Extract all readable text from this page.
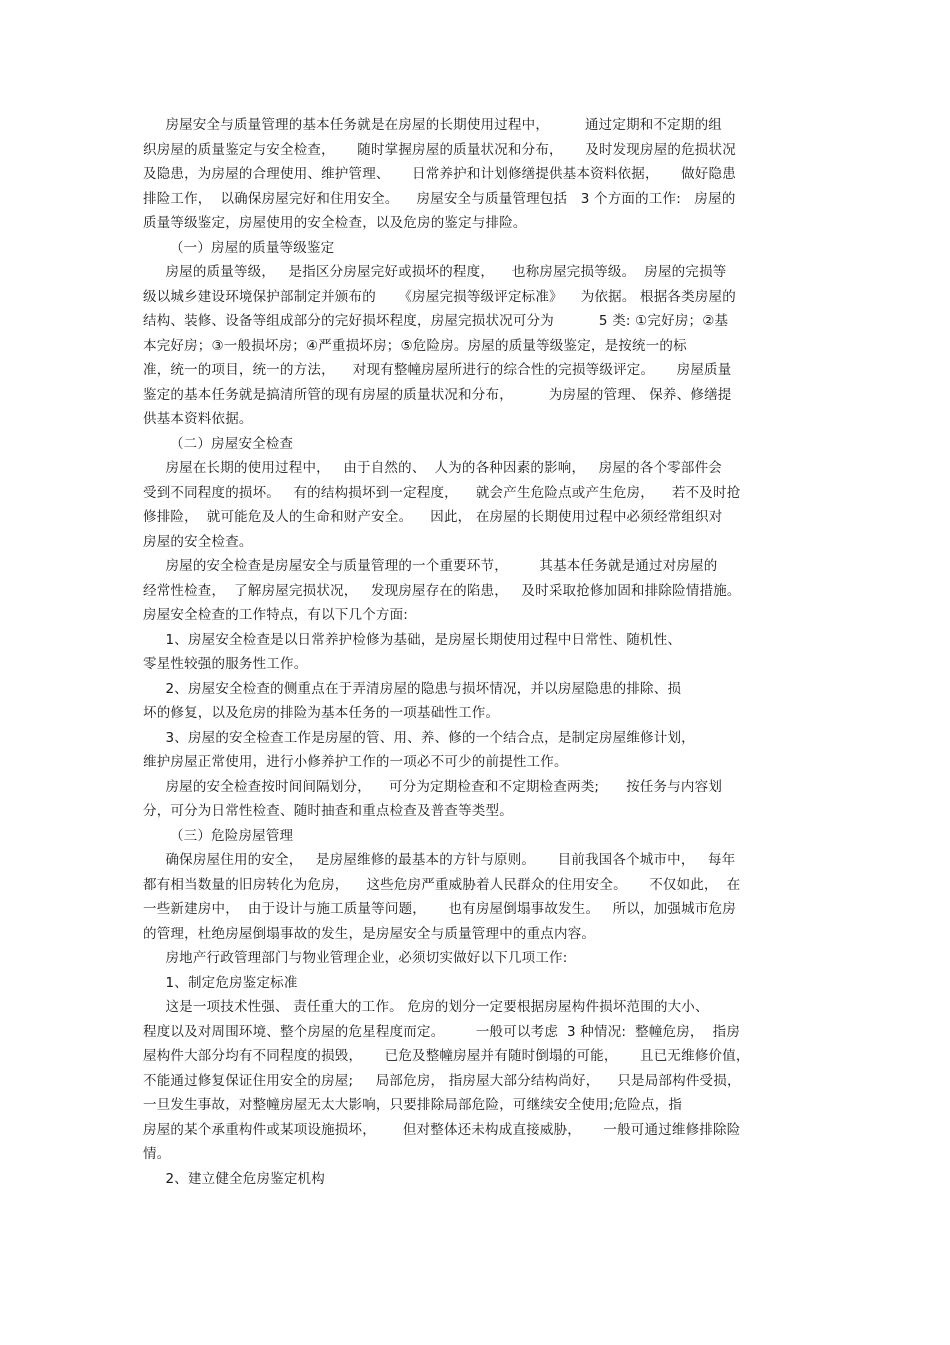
房屋安全与质量管理的基本任务就是在房屋的长期使用过程中，        通过定期和不定期的组
织房屋的质量鉴定与安全检查，     随时掌握房屋的质量状况和分布，     及时发现房屋的危损状况
及隐患，为房屋的合理使用、维护管理、     日常养护和计划修缮提供基本资料依据，     做好隐患
排险工作，  以确保房屋完好和住用安全。    房屋安全与质量管理包括   3 个方面的工作:   房屋的
质量等级鉴定，房屋使用的安全检查，以及危房的鉴定与排险。
（一）房屋的质量等级鉴定
房屋的质量等级，   是指区分房屋完好或损坏的程度，    也称房屋完损等级。  房屋的完损等
级以城乡建设环境保护部制定并颁布的     《房屋完损等级评定标准》    为依据。 根据各类房屋的
结构、装修、设备等组成部分的完好损坏程度，房屋完损状况可分为          5 类: ①完好房；②基
本完好房；③一般损坏房；④严重损坏房；⑤危险房。房屋的质量等级鉴定，是按统一的标
准，统一的项目，统一的方法，    对现有整幢房屋所进行的综合性的完损等级评定。     房屋质量
鉴定的基本任务就是搞清所管的现有房屋的质量状况和分布，        为房屋的管理、 保养、修缮提
供基本资料依据。
（二）房屋安全检查
房屋在长期的使用过程中，   由于自然的、  人为的各种因素的影响，   房屋的各个零部件会
受到不同程度的损坏。   有的结构损坏到一定程度，    就会产生危险点或产生危房，    若不及时抢
修排险，  就可能危及人的生命和财产安全。    因此， 在房屋的长期使用过程中必须经常组织对
房屋的安全检查。
房屋的安全检查是房屋安全与质量管理的一个重要环节，       其基本任务就是通过对房屋的
经常性检查，  了解房屋完损状况，   发现房屋存在的陷患，   及时采取抢修加固和排除险情措施。
房屋安全检查的工作特点，有以下几个方面:
1、房屋安全检查是以日常养护检修为基础，是房屋长期使用过程中日常性、随机性、
零星性较强的服务性工作。
2、房屋安全检查的侧重点在于弄清房屋的隐患与损坏情况，并以房屋隐患的排除、损
坏的修复，以及危房的排险为基本任务的一项基础性工作。
3、房屋的安全检查工作是房屋的管、用、养、修的一个结合点，是制定房屋维修计划，
维护房屋正常使用，进行小修养护工作的一项必不可少的前提性工作。
房屋的安全检查按时间间隔划分，    可分为定期检查和不定期检查两类;      按任务与内容划
分，可分为日常性检查、随时抽查和重点检查及普查等类型。
（三）危险房屋管理
确保房屋住用的安全，   是房屋维修的最基本的方针与原则。     目前我国各个城市中，   每年
都有相当数量的旧房转化为危房，    这些危房严重威胁着人民群众的住用安全。     不仅如此，  在
一些新建房中，  由于设计与施工质量等问题，     也有房屋倒塌事故发生。   所以，加强城市危房
的管理，杜绝房屋倒塌事故的发生，是房屋安全与质量管理中的重点内容。
房地产行政管理部门与物业管理企业，必须切实做好以下几项工作:
1、制定危房鉴定标准
这是一项技术性强、 责任重大的工作。 危房的划分一定要根据房屋构件损坏范围的大小、
程度以及对周围环境、整个房屋的危星程度而定。       一般可以考虑  3 种情况:  整幢危房，  指房
屋构件大部分均有不同程度的损毁，     已危及整幢房屋并有随时倒塌的可能，     且已无维修价值，
不能通过修复保证住用安全的房屋;     局部危房， 指房屋大部分结构尚好，    只是局部构件受损，
一旦发生事故，对整幢房屋无太大影响，只要排除局部危险，可继续安全使用;危险点，指
房屋的某个承重构件或某项设施损坏，      但对整体还未构成直接威胁，     一般可通过维修排除险
情。
2、建立健全危房鉴定机构
